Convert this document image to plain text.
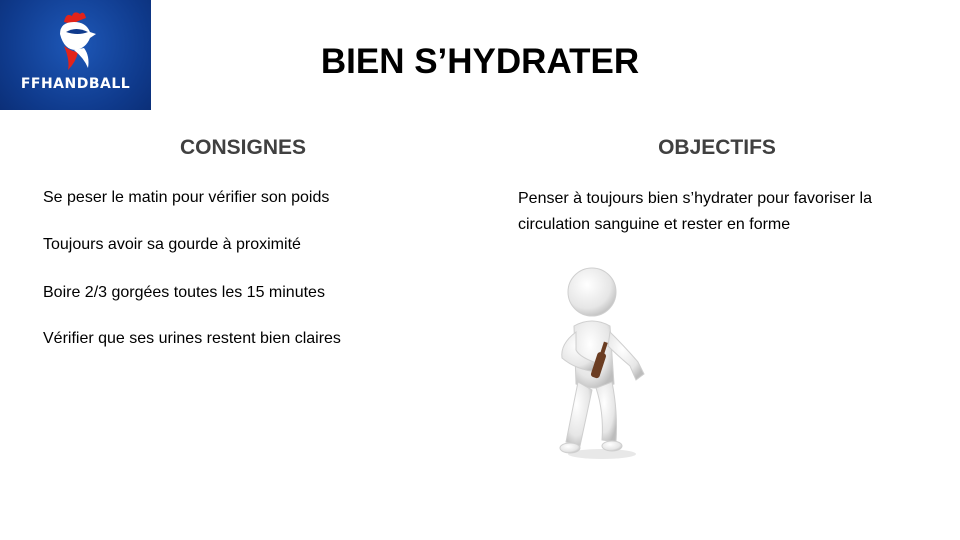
FFHANDBALL
BIEN S’HYDRATER
CONSIGNES	OBJECTIFS
Se peser le matin pour vérifier son poids
Toujours avoir sa gourde à proximité
Boire 2/3 gorgées toutes les 15 minutes
Vérifier que ses urines restent bien claires
Penser à toujours bien s’hydrater pour favoriser la circulation sanguine et rester en forme
